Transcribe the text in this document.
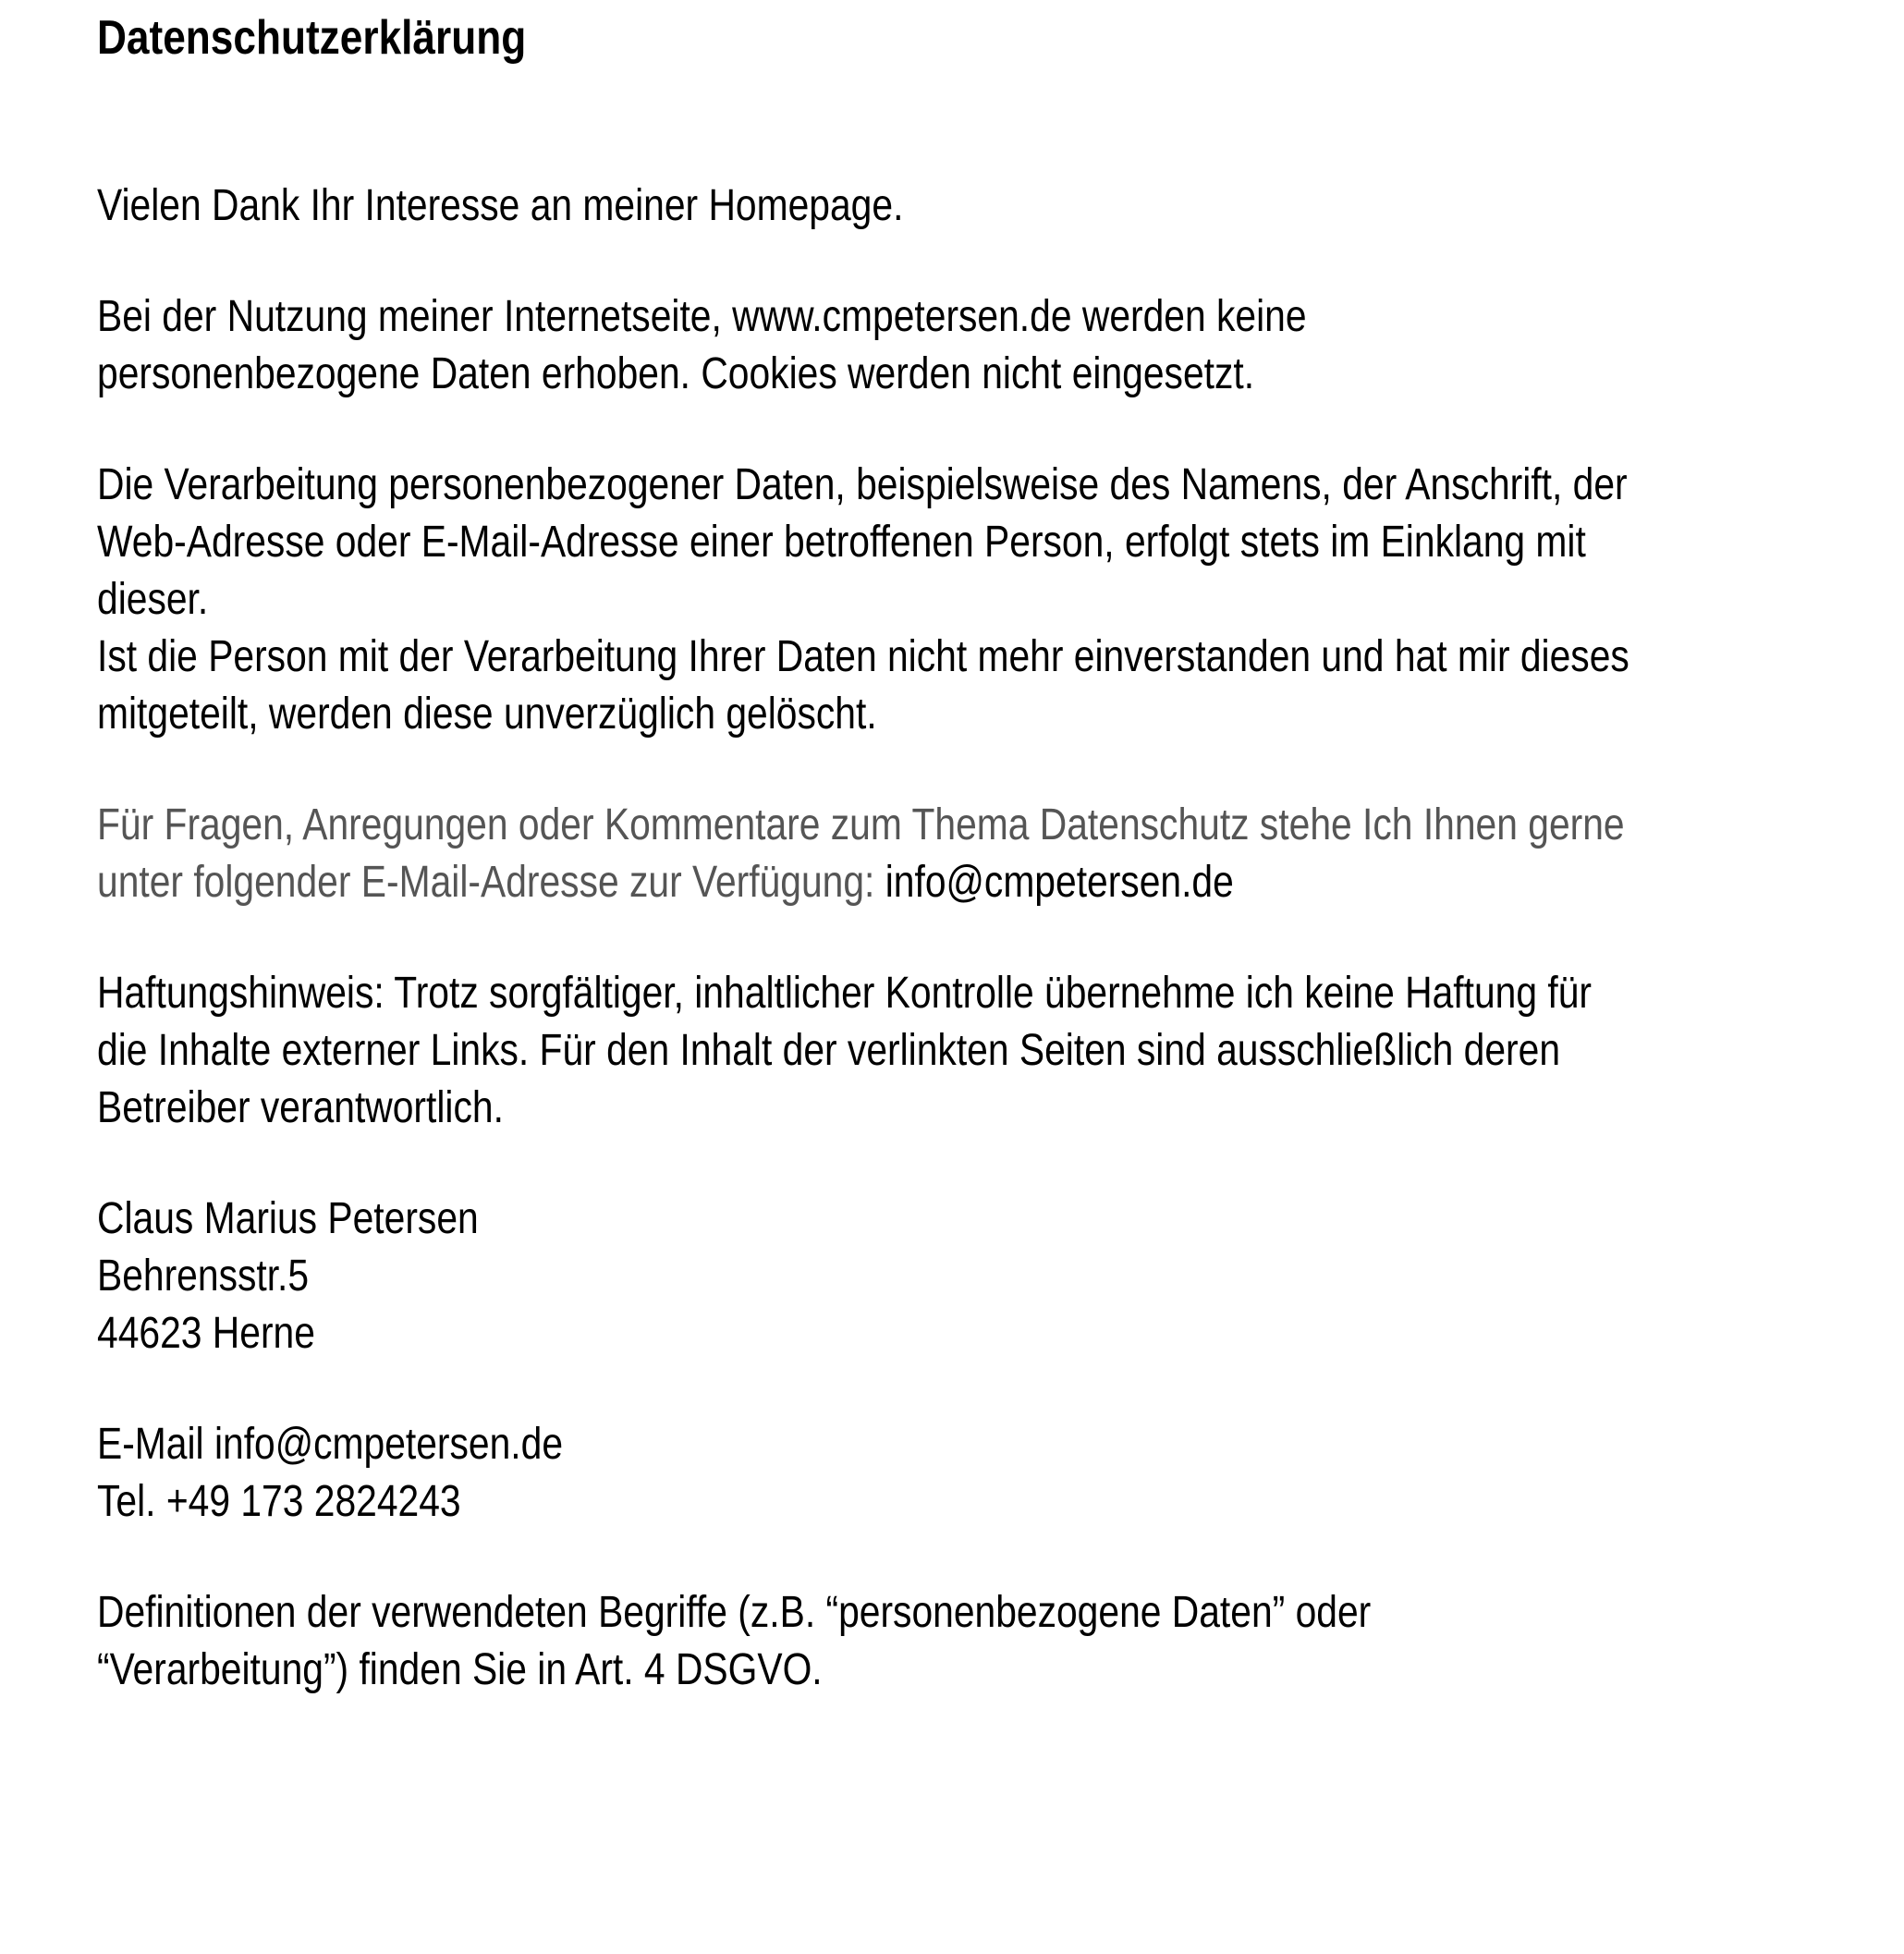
Datenschutzerklärung
Vielen Dank Ihr Interesse an meiner Homepage.
Bei der Nutzung meiner Internetseite, www.cmpetersen.de werden keine
personenbezogene Daten erhoben. Cookies werden nicht eingesetzt.
Die Verarbeitung personenbezogener Daten, beispielsweise des Namens, der Anschrift, der
Web-Adresse oder E-Mail-Adresse einer betroffenen Person, erfolgt stets im Einklang mit
dieser.
Ist die Person mit der Verarbeitung Ihrer Daten nicht mehr einverstanden und hat mir dieses
mitgeteilt, werden diese unverzüglich gelöscht.
Für Fragen, Anregungen oder Kommentare zum Thema Datenschutz stehe Ich Ihnen gerne
unter folgender E-Mail-Adresse zur Verfügung: info@cmpetersen.de
Haftungshinweis: Trotz sorgfältiger, inhaltlicher Kontrolle übernehme ich keine Haftung für
die Inhalte externer Links. Für den Inhalt der verlinkten Seiten sind ausschließlich deren
Betreiber verantwortlich.
Claus Marius Petersen
Behrensstr.5
44623 Herne
E-Mail info@cmpetersen.de
Tel. +49 173 2824243
Definitionen der verwendeten Begriffe (z.B. “personenbezogene Daten” oder
“Verarbeitung”) finden Sie in Art. 4 DSGVO.
